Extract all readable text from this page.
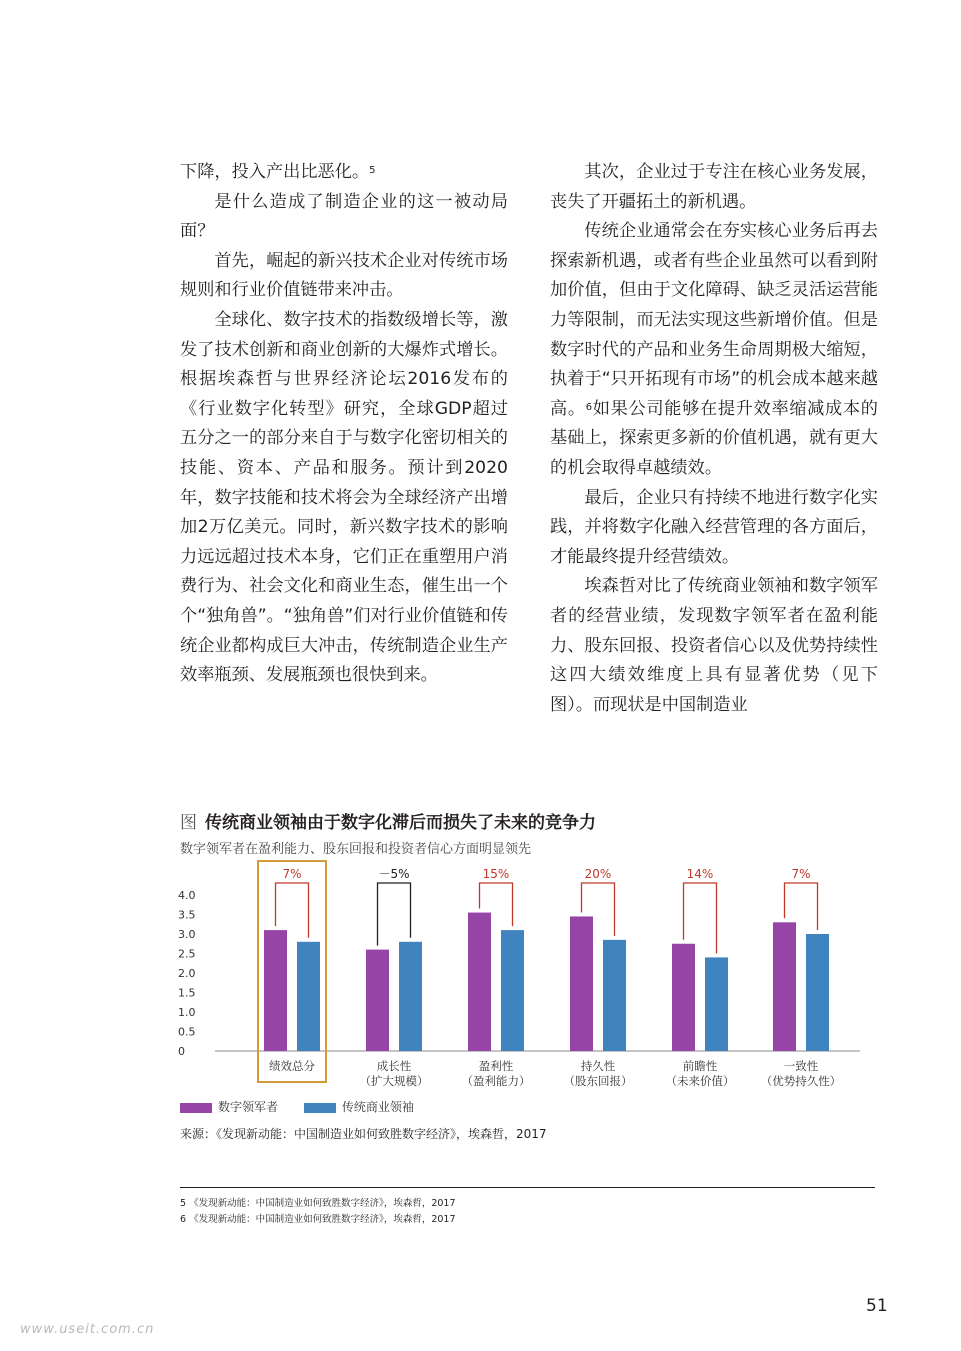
下降，投入产出比恶化。$^5$

是什么造成了制造企业的这一被动局面？

首先，崛起的新兴技术企业对传统市场规则和行业价值链带来冲击。

全球化、数字技术的指数级增长等，激发了技术创新和商业创新的大爆炸式增长。根据埃森哲与世界经济论坛2016发布的《行业数字化转型》研究，全球GDP超过五分之一的部分来自于与数字化密切相关的技能、资本、产品和服务。预计到2020年，数字技能和技术将会为全球经济产出增加2万亿美元。同时，新兴数字技术的影响力远远超过技术本身，它们正在重塑用户消费行为、社会文化和商业生态，催生出一个个“独角兽”。“独角兽”们对行业价值链和传统企业都构成巨大冲击，传统制造企业生产效率瓶颈、发展瓶颈也很快到来。

其次，企业过于专注在核心业务发展，丧失了开疆拓土的新机遇。

传统企业通常会在夯实核心业务后再去探索新机遇，或者有些企业虽然可以看到附加价值，但由于文化障碍、缺乏灵活运营能力等限制，而无法实现这些新增价值。但是数字时代的产品和业务生命周期极大缩短，执着于“只开拓现有市场”的机会成本越来越高。$^6$如果公司能够在提升效率缩减成本的基础上，探索更多新的价值机遇，就有更大的机会取得卓越绩效。

最后，企业只有持续不地进行数字化实践，并将数字化融入经营管理的各方面后，才能最终提升经营绩效。

埃森哲对比了传统商业领袖和数字领军者的经营业绩，发现数字领军者在盈利能力、股东回报、投资者信心以及优势持续性这四大绩效维度上具有显著优势（见下图）。而现状是中国制造业

图 传统商业领袖由于数字化滞后而损失了未来的竞争力
数字领军者在盈利能力、股东回报和投资者信心方面明显领先
0
0.5
1.0
1.5
2.0
2.5
3.0
3.5
4.0
7%
绩效总分
－5%
成长性
（扩大规模）
15%
盈利性
（盈利能力）
20%
持久性
（股东回报）
14%
前瞻性
（未来价值）
7%
一致性
（优势持久性）
数字领军者	传统商业领袖
来源：《发现新动能：中国制造业如何致胜数字经济》，埃森哲，2017
5 《发现新动能：中国制造业如何致胜数字经济》，埃森哲，2017
6 《发现新动能：中国制造业如何致胜数字经济》，埃森哲，2017
51
www.useit.com.cn
